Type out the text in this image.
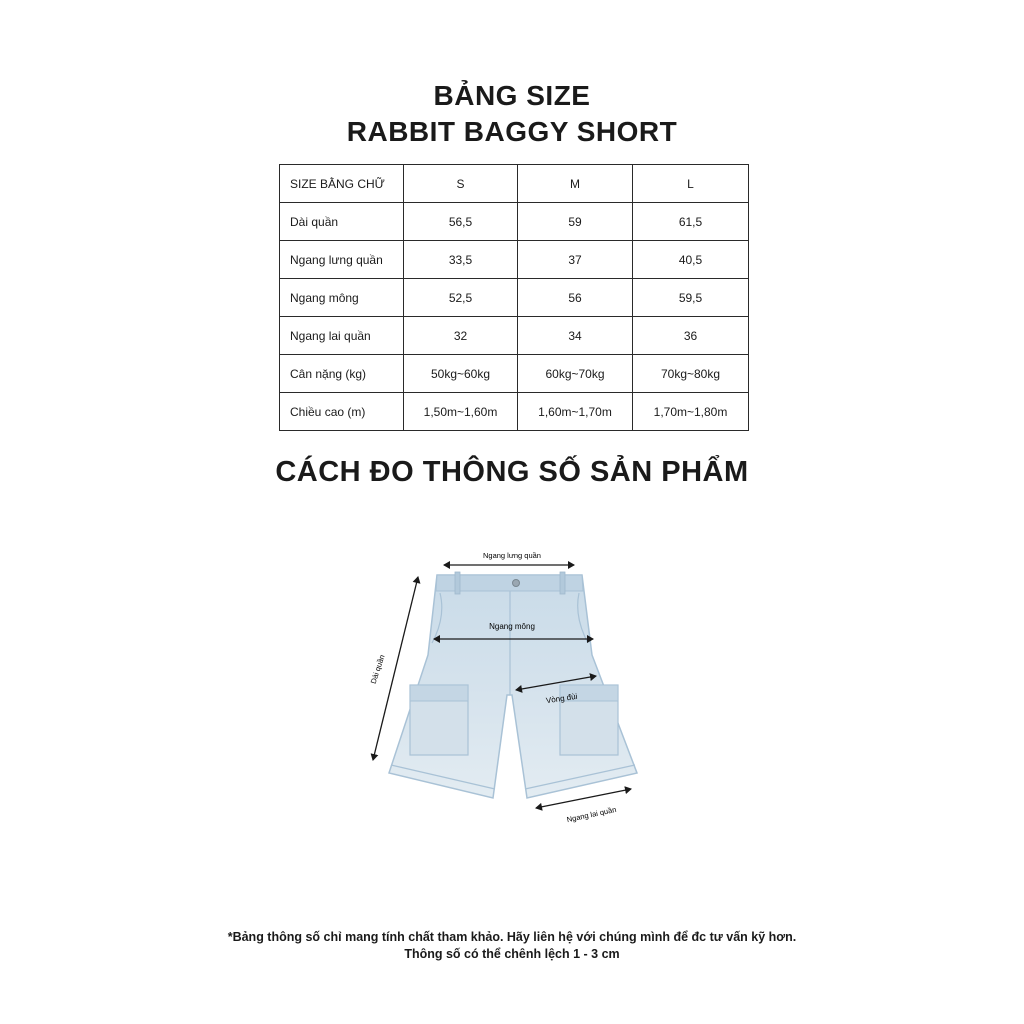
BẢNG SIZE
RABBIT BAGGY SHORT
SIZE BẰNG CHỮ	S	M	L
Dài quần	56,5	59	61,5
Ngang lưng quần	33,5	37	40,5
Ngang mông	52,5	56	59,5
Ngang lai quần	32	34	36
Cân nặng (kg)	50kg~60kg	60kg~70kg	70kg~80kg
Chiều cao (m)	1,50m~1,60m	1,60m~1,70m	1,70m~1,80m
CÁCH ĐO THÔNG SỐ SẢN PHẨM
Ngang lưng quần
Ngang mông
Dài quần
Vòng đùi
Ngang lai quần

*Bảng thông số chỉ mang tính chất tham khảo. Hãy liên hệ với chúng mình để đc tư vấn kỹ hơn.

Thông số có thể chênh lệch 1 - 3 cm
